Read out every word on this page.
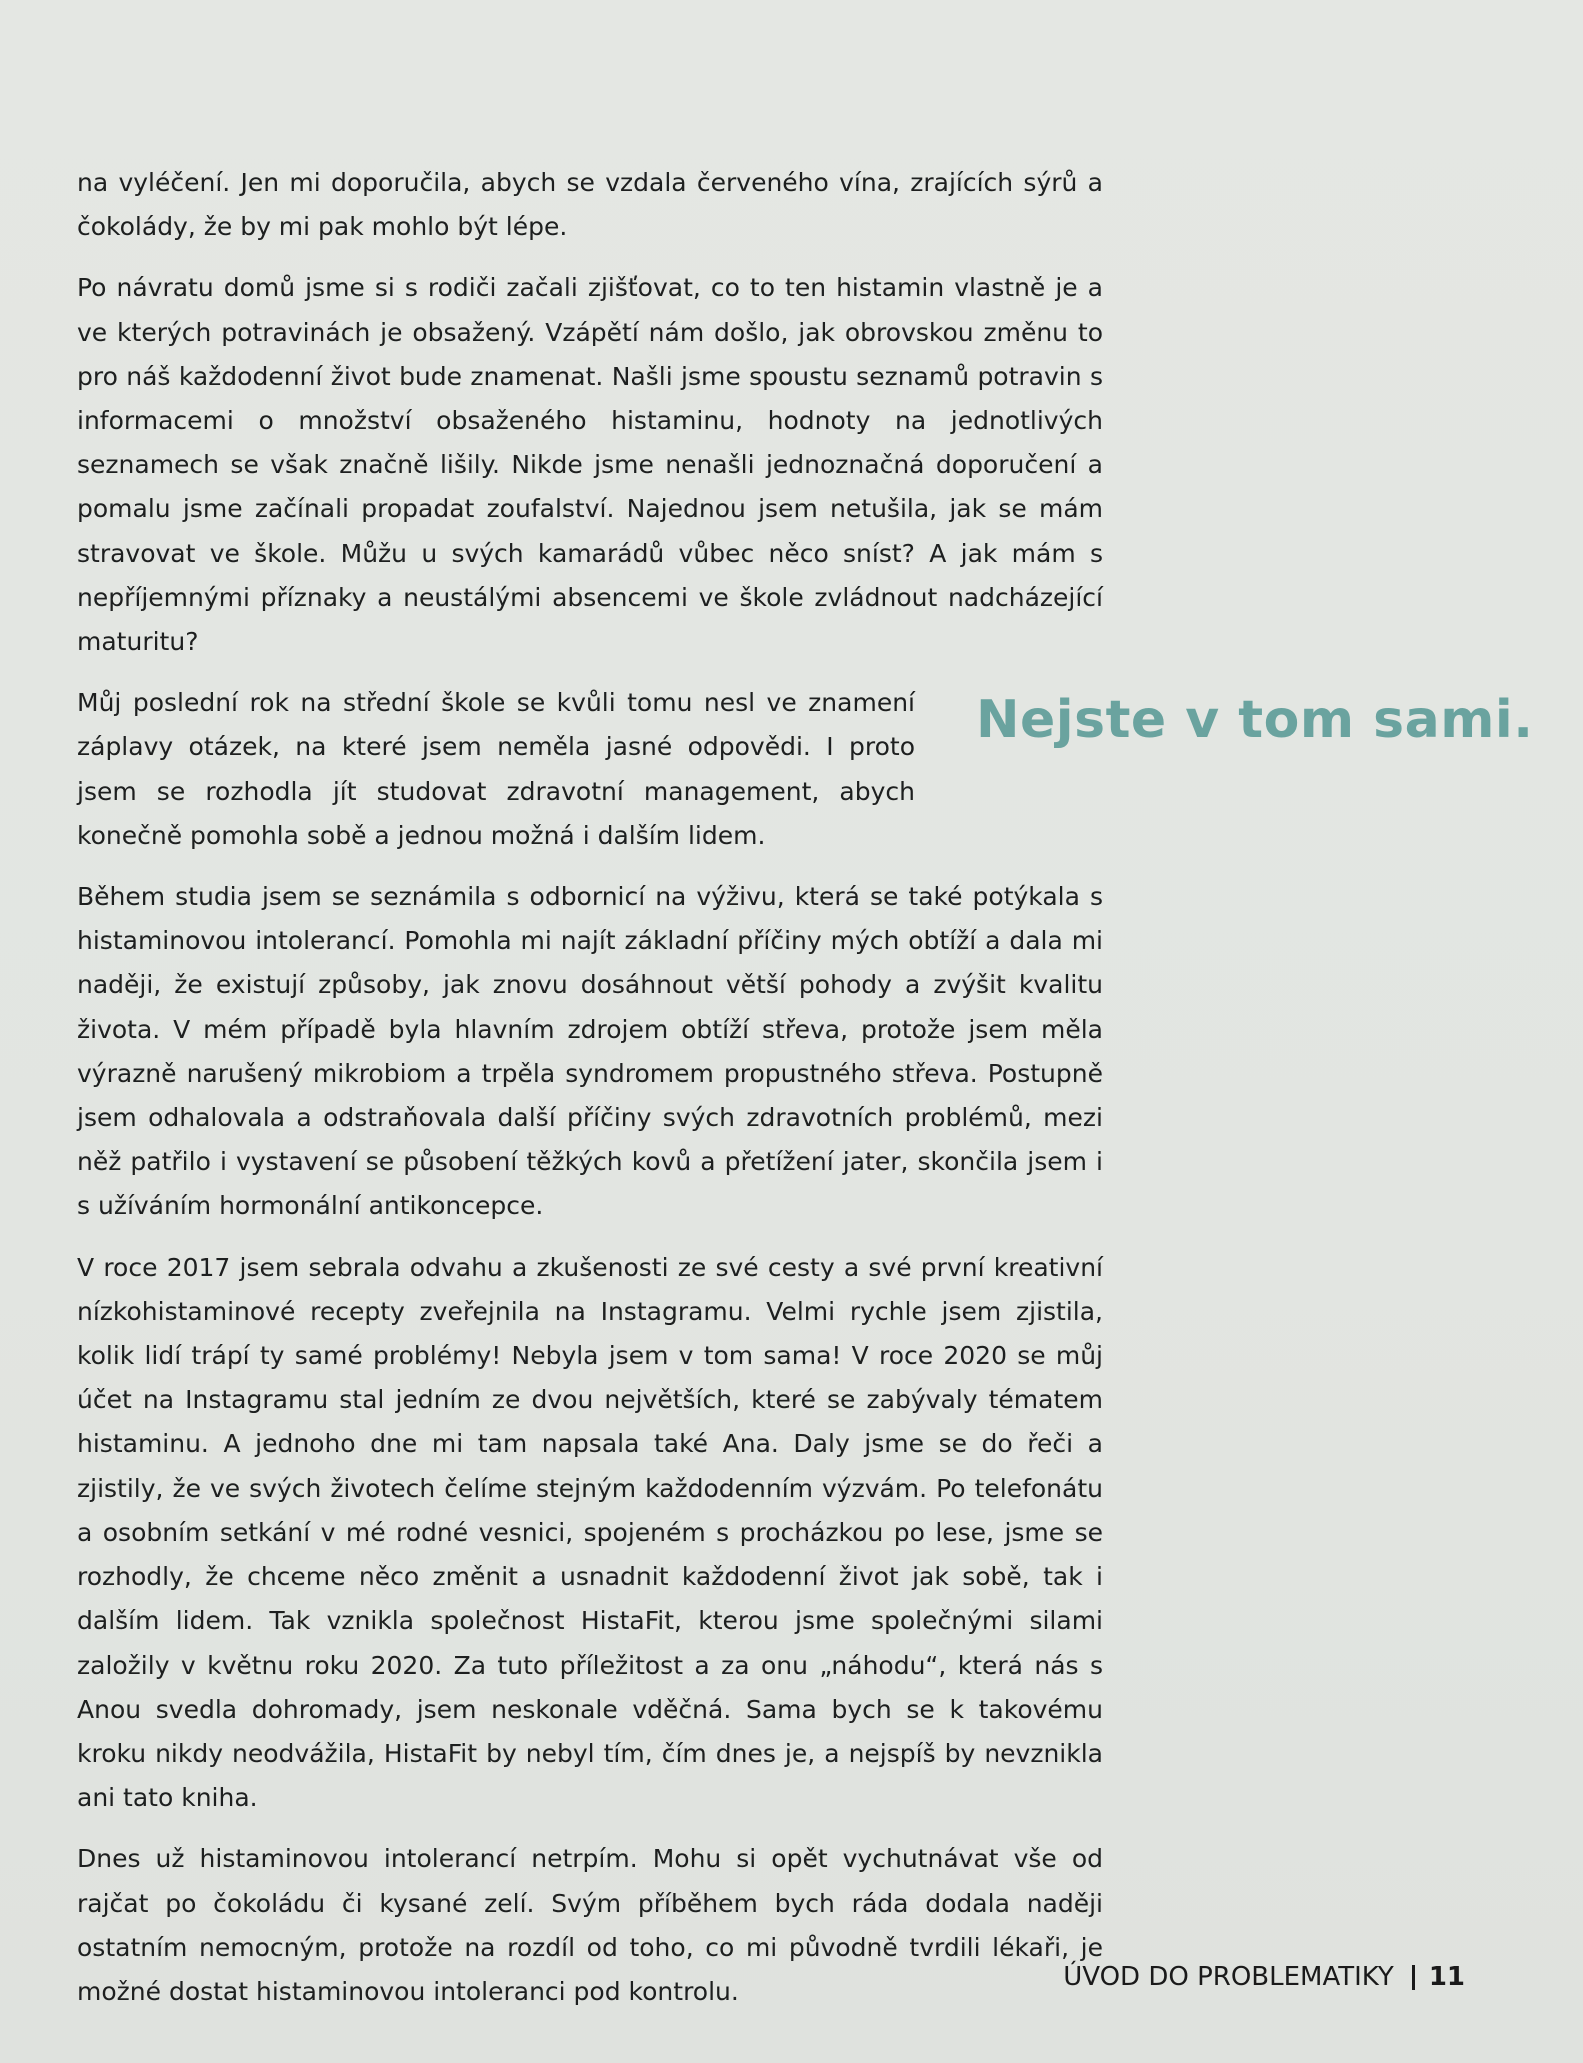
na vyléčení. Jen mi doporučila, abych se vzdala červeného vína, zrajících sýrů a čokolády, že by mi pak mohlo být lépe.

Po návratu domů jsme si s rodiči začali zjišťovat, co to ten histamin vlastně je a ve kterých potravinách je obsažený. Vzápětí nám došlo, jak obrovskou změnu to pro náš každodenní život bude znamenat. Našli jsme spoustu seznamů potravin s informacemi o množství obsaženého histaminu, hodnoty na jednotlivých seznamech se však značně lišily. Nikde jsme nenašli jednoznačná doporučení a pomalu jsme začínali propadat zoufalství. Najednou jsem netušila, jak se mám stravovat ve škole. Můžu u svých kamarádů vůbec něco sníst? A jak mám s nepříjemnými příznaky a neustálými absencemi ve škole zvládnout nadcházející maturitu?

Můj poslední rok na střední škole se kvůli tomu nesl ve znamení záplavy otázek, na které jsem neměla jasné odpovědi. I proto jsem se rozhodla jít studovat zdravotní management, abych konečně pomohla sobě a jednou možná i dalším lidem.

Během studia jsem se seznámila s odbornicí na výživu, která se také potýkala s histaminovou intolerancí. Pomohla mi najít základní příčiny mých obtíží a dala mi naději, že existují způsoby, jak znovu dosáhnout větší pohody a zvýšit kvalitu života. V mém případě byla hlavním zdrojem obtíží střeva, protože jsem měla výrazně narušený mikrobiom a trpěla syndromem propustného střeva. Postupně jsem odhalovala a odstraňovala další příčiny svých zdravotních problémů, mezi něž patřilo i vystavení se působení těžkých kovů a přetížení jater, skončila jsem i s užíváním hormonální antikoncepce.

V roce 2017 jsem sebrala odvahu a zkušenosti ze své cesty a své první kreativní nízkohistaminové recepty zveřejnila na Instagramu. Velmi rychle jsem zjistila, kolik lidí trápí ty samé problémy! Nebyla jsem v tom sama! V roce 2020 se můj účet na Instagramu stal jedním ze dvou největších, které se zabývaly tématem histaminu. A jednoho dne mi tam napsala také Ana. Daly jsme se do řeči a zjistily, že ve svých životech čelíme stejným každodenním výzvám. Po telefonátu a osobním setkání v mé rodné vesnici, spojeném s procházkou po lese, jsme se rozhodly, že chceme něco změnit a usnadnit každodenní život jak sobě, tak i dalším lidem. Tak vznikla společnost HistaFit, kterou jsme společnými silami založily v květnu roku 2020. Za tuto příležitost a za onu „náhodu“, která nás s Anou svedla dohromady, jsem neskonale vděčná. Sama bych se k takovému kroku nikdy neodvážila, HistaFit by nebyl tím, čím dnes je, a nejspíš by nevznikla ani tato kniha.

Dnes už histaminovou intolerancí netrpím. Mohu si opět vychutnávat vše od rajčat po čokoládu či kysané zelí. Svým příběhem bych ráda dodala naději ostatním nemocným, protože na rozdíl od toho, co mi původně tvrdili lékaři, je možné dostat histaminovou intoleranci pod kontrolu.

Nejste v tom sami.
ÚVOD DO PROBLEMATIKY 11
